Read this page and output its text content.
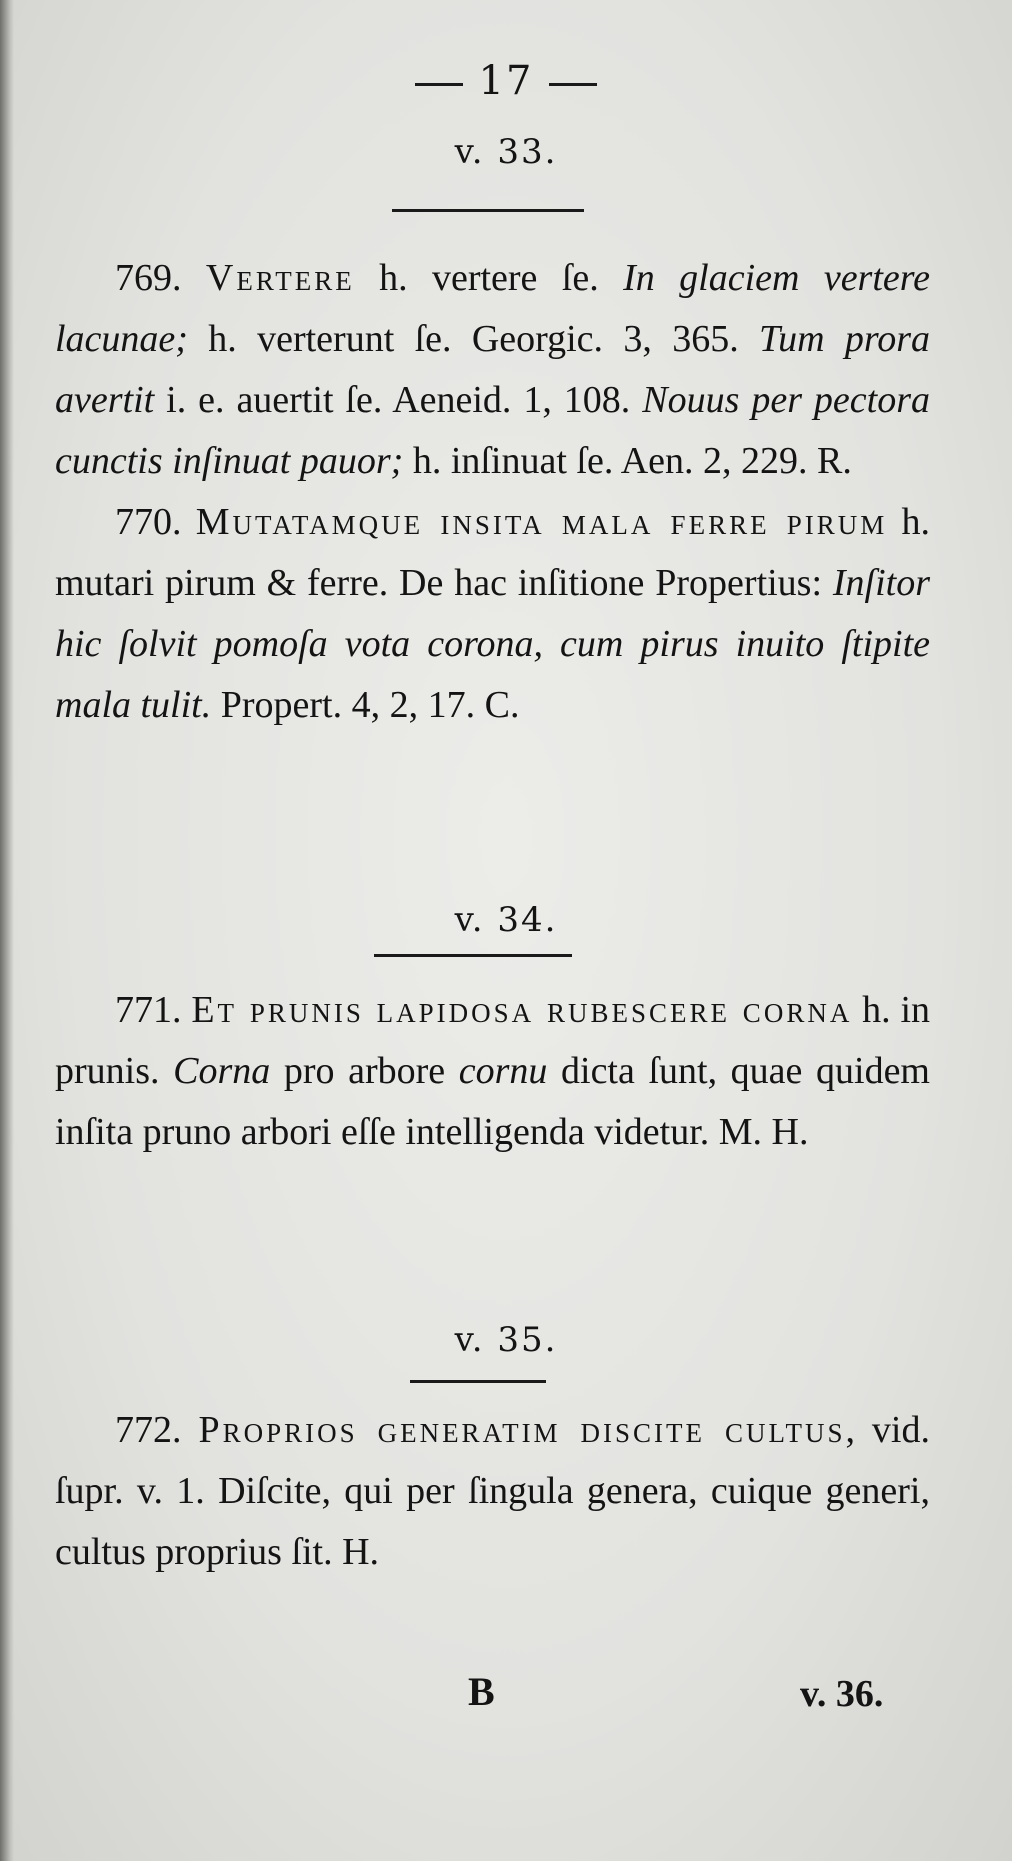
17
v. 33.

769. Vertere h. vertere ſe. In glaciem vertere lacunae; h. verterunt ſe. Georgic. 3, 365. Tum prora avertit i. e. auertit ſe. Aeneid. 1, 108. Nouus per pectora cunctis inſinuat pauor; h. inſinuat ſe. Aen. 2, 229. R.

770. Mutatamque insita mala ferre pirum h. mutari pirum & ferre. De hac inſitione Propertius: Inſitor hic ſolvit pomoſa vota corona, cum pirus inuito ſtipite mala tulit. Propert. 4, 2, 17. C.

v. 34.

771. Et prunis lapidosa rubescere corna h. in prunis. Corna pro arbore cornu dicta ſunt, quae quidem inſita pruno arbori eſſe intelligenda videtur. M. H.

v. 35.

772. Proprios generatim discite cultus, vid. ſupr. v. 1. Diſcite, qui per ſingula genera, cuique generi, cultus proprius ſit. H.

B	v. 36.
